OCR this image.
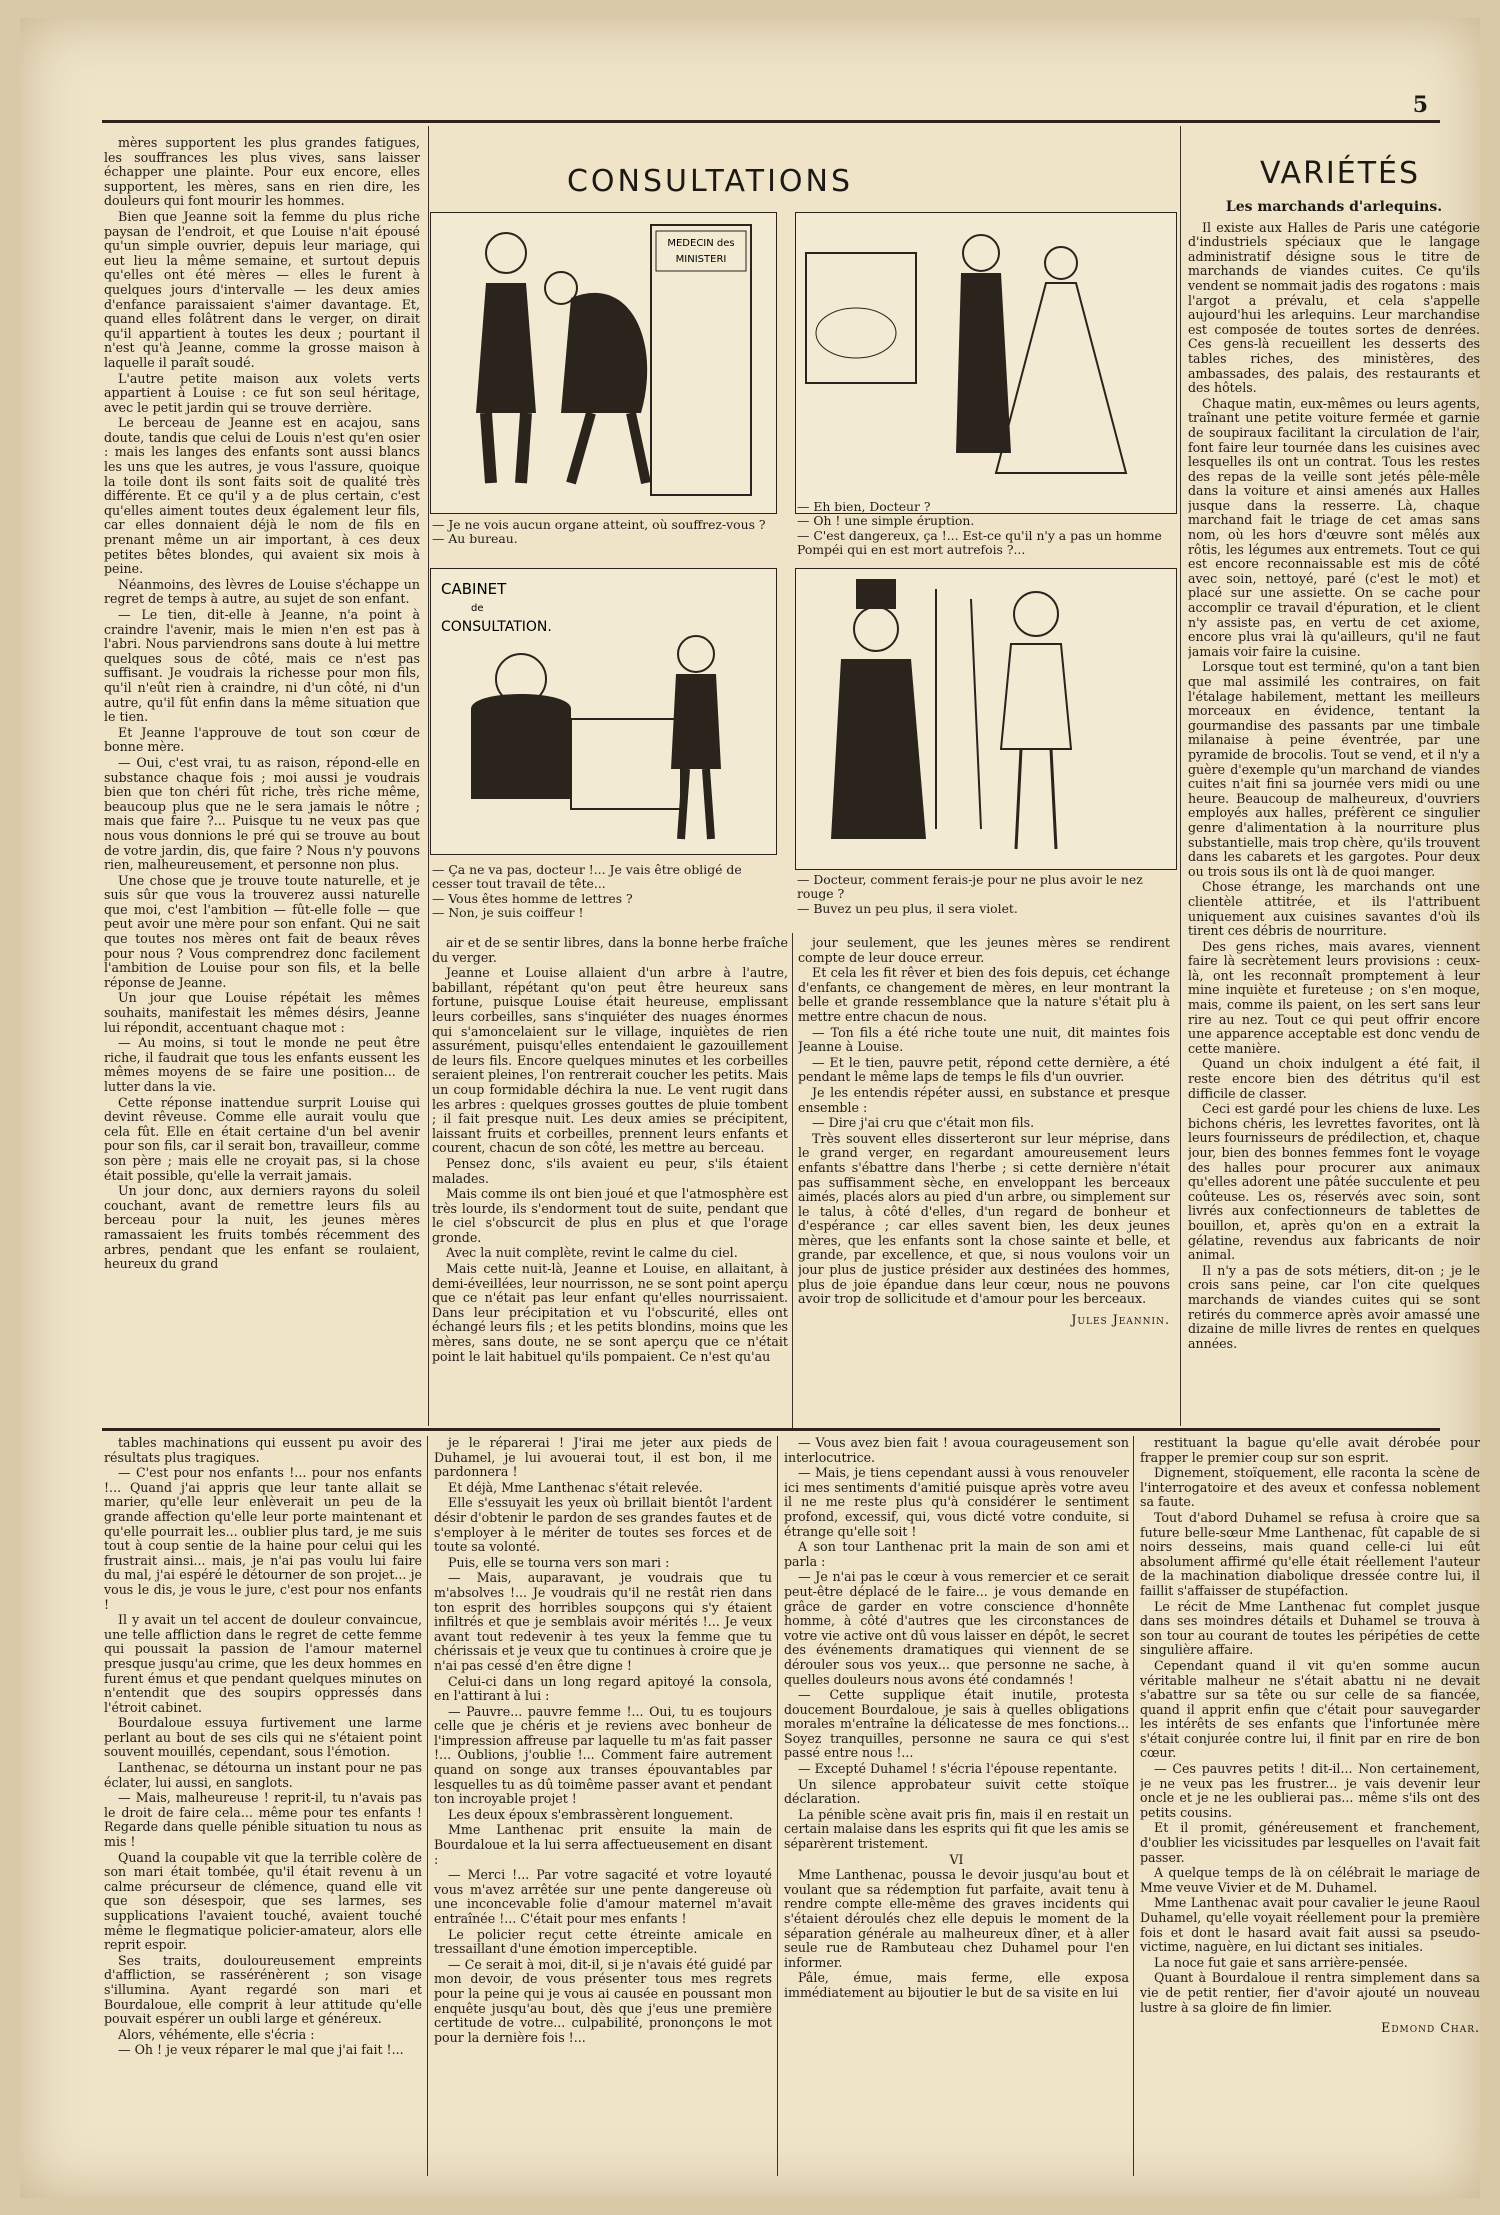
5

mères supportent les plus grandes fatigues, les souffrances les plus vives, sans laisser échapper une plainte. Pour eux encore, elles supportent, les mères, sans en rien dire, les douleurs qui font mourir les hommes.

Bien que Jeanne soit la femme du plus riche paysan de l'endroit, et que Louise n'ait épousé qu'un simple ouvrier, depuis leur mariage, qui eut lieu la même semaine, et surtout depuis qu'elles ont été mères — elles le furent à quelques jours d'intervalle — les deux amies d'enfance paraissaient s'aimer davantage. Et, quand elles folâtrent dans le verger, on dirait qu'il appartient à toutes les deux ; pourtant il n'est qu'à Jeanne, comme la grosse maison à laquelle il paraît soudé.

L'autre petite maison aux volets verts appartient à Louise : ce fut son seul héritage, avec le petit jardin qui se trouve derrière.

Le berceau de Jeanne est en acajou, sans doute, tandis que celui de Louis n'est qu'en osier : mais les langes des enfants sont aussi blancs les uns que les autres, je vous l'assure, quoique la toile dont ils sont faits soit de qualité très différente. Et ce qu'il y a de plus certain, c'est qu'elles aiment toutes deux également leur fils, car elles donnaient déjà le nom de fils en prenant même un air important, à ces deux petites bêtes blondes, qui avaient six mois à peine.

Néanmoins, des lèvres de Louise s'échappe un regret de temps à autre, au sujet de son enfant.

— Le tien, dit-elle à Jeanne, n'a point à craindre l'avenir, mais le mien n'en est pas à l'abri. Nous parviendrons sans doute à lui mettre quelques sous de côté, mais ce n'est pas suffisant. Je voudrais la richesse pour mon fils, qu'il n'eût rien à craindre, ni d'un côté, ni d'un autre, qu'il fût enfin dans la même situation que le tien.

Et Jeanne l'approuve de tout son cœur de bonne mère.

— Oui, c'est vrai, tu as raison, répond-elle en substance chaque fois ; moi aussi je voudrais bien que ton chéri fût riche, très riche même, beaucoup plus que ne le sera jamais le nôtre ; mais que faire ?... Puisque tu ne veux pas que nous vous donnions le pré qui se trouve au bout de votre jardin, dis, que faire ? Nous n'y pouvons rien, malheureusement, et personne non plus.

Une chose que je trouve toute naturelle, et je suis sûr que vous la trouverez aussi naturelle que moi, c'est l'ambition — fût-elle folle — que peut avoir une mère pour son enfant. Qui ne sait que toutes nos mères ont fait de beaux rêves pour nous ? Vous comprendrez donc facilement l'ambition de Louise pour son fils, et la belle réponse de Jeanne.

Un jour que Louise répétait les mêmes souhaits, manifestait les mêmes désirs, Jeanne lui répondit, accentuant chaque mot :

— Au moins, si tout le monde ne peut être riche, il faudrait que tous les enfants eussent les mêmes moyens de se faire une position... de lutter dans la vie.

Cette réponse inattendue surprit Louise qui devint rêveuse. Comme elle aurait voulu que cela fût. Elle en était certaine d'un bel avenir pour son fils, car il serait bon, travailleur, comme son père ; mais elle ne croyait pas, si la chose était possible, qu'elle la verrait jamais.

Un jour donc, aux derniers rayons du soleil couchant, avant de remettre leurs fils au berceau pour la nuit, les jeunes mères ramassaient les fruits tombés récemment des arbres, pendant que les enfant se roulaient, heureux du grand

CONSULTATIONS
MEDECIN des
MINISTERI
— Je ne vois aucun organe atteint, où souffrez-vous ?
— Au bureau.
— Eh bien, Docteur ?
— Oh ! une simple éruption.
— C'est dangereux, ça !... Est-ce qu'il n'y a pas un homme Pompéi qui en est mort autrefois ?...
CABINET
de
CONSULTATION.
— Ça ne va pas, docteur !... Je vais être obligé de cesser tout travail de tête...
— Vous êtes homme de lettres ?
— Non, je suis coiffeur !
— Docteur, comment ferais-je pour ne plus avoir le nez rouge ?
— Buvez un peu plus, il sera violet.

air et de se sentir libres, dans la bonne herbe fraîche du verger.

Jeanne et Louise allaient d'un arbre à l'autre, babillant, répétant qu'on peut être heureux sans fortune, puisque Louise était heureuse, emplissant leurs corbeilles, sans s'inquiéter des nuages énormes qui s'amoncelaient sur le village, inquiètes de rien assurément, puisqu'elles entendaient le gazouillement de leurs fils. Encore quelques minutes et les corbeilles seraient pleines, l'on rentrerait coucher les petits. Mais un coup formidable déchira la nue. Le vent rugit dans les arbres : quelques grosses gouttes de pluie tombent ; il fait presque nuit. Les deux amies se précipitent, laissant fruits et corbeilles, prennent leurs enfants et courent, chacun de son côté, les mettre au berceau.

Pensez donc, s'ils avaient eu peur, s'ils étaient malades.

Mais comme ils ont bien joué et que l'atmosphère est très lourde, ils s'endorment tout de suite, pendant que le ciel s'obscurcit de plus en plus et que l'orage gronde.

Avec la nuit complète, revint le calme du ciel.

Mais cette nuit-là, Jeanne et Louise, en allaitant, à demi-éveillées, leur nourrisson, ne se sont point aperçu que ce n'était pas leur enfant qu'elles nourrissaient. Dans leur précipitation et vu l'obscurité, elles ont échangé leurs fils ; et les petits blondins, moins que les mères, sans doute, ne se sont aperçu que ce n'était point le lait habituel qu'ils pompaient. Ce n'est qu'au

jour seulement, que les jeunes mères se rendirent compte de leur douce erreur.

Et cela les fit rêver et bien des fois depuis, cet échange d'enfants, ce changement de mères, en leur montrant la belle et grande ressemblance que la nature s'était plu à mettre entre chacun de nous.

— Ton fils a été riche toute une nuit, dit maintes fois Jeanne à Louise.

— Et le tien, pauvre petit, répond cette dernière, a été pendant le même laps de temps le fils d'un ouvrier.

Je les entendis répéter aussi, en substance et presque ensemble :

— Dire j'ai cru que c'était mon fils.

Très souvent elles disserteront sur leur méprise, dans le grand verger, en regardant amoureusement leurs enfants s'ébattre dans l'herbe ; si cette dernière n'était pas suffisamment sèche, en enveloppant les berceaux aimés, placés alors au pied d'un arbre, ou simplement sur le talus, à côté d'elles, d'un regard de bonheur et d'espérance ; car elles savent bien, les deux jeunes mères, que les enfants sont la chose sainte et belle, et grande, par excellence, et que, si nous voulons voir un jour plus de justice présider aux destinées des hommes, plus de joie épandue dans leur cœur, nous ne pouvons avoir trop de sollicitude et d'amour pour les berceaux.

Jules Jeannin.
VARIÉTÉS
Les marchands d'arlequins.

Il existe aux Halles de Paris une catégorie d'industriels spéciaux que le langage administratif désigne sous le titre de marchands de viandes cuites. Ce qu'ils vendent se nommait jadis des rogatons : mais l'argot a prévalu, et cela s'appelle aujourd'hui les arlequins. Leur marchandise est composée de toutes sortes de denrées. Ces gens-là recueillent les desserts des tables riches, des ministères, des ambassades, des palais, des restaurants et des hôtels.

Chaque matin, eux-mêmes ou leurs agents, traînant une petite voiture fermée et garnie de soupiraux facilitant la circulation de l'air, font faire leur tournée dans les cuisines avec lesquelles ils ont un contrat. Tous les restes des repas de la veille sont jetés pêle-mêle dans la voiture et ainsi amenés aux Halles jusque dans la resserre. Là, chaque marchand fait le triage de cet amas sans nom, où les hors d'œuvre sont mêlés aux rôtis, les légumes aux entremets. Tout ce qui est encore reconnaissable est mis de côté avec soin, nettoyé, paré (c'est le mot) et placé sur une assiette. On se cache pour accomplir ce travail d'épuration, et le client n'y assiste pas, en vertu de cet axiome, encore plus vrai là qu'ailleurs, qu'il ne faut jamais voir faire la cuisine.

Lorsque tout est terminé, qu'on a tant bien que mal assimilé les contraires, on fait l'étalage habilement, mettant les meilleurs morceaux en évidence, tentant la gourmandise des passants par une timbale milanaise à peine éventrée, par une pyramide de brocolis. Tout se vend, et il n'y a guère d'exemple qu'un marchand de viandes cuites n'ait fini sa journée vers midi ou une heure. Beaucoup de malheureux, d'ouvriers employés aux halles, préfèrent ce singulier genre d'alimentation à la nourriture plus substantielle, mais trop chère, qu'ils trouvent dans les cabarets et les gargotes. Pour deux ou trois sous ils ont là de quoi manger.

Chose étrange, les marchands ont une clientèle attitrée, et ils l'attribuent uniquement aux cuisines savantes d'où ils tirent ces débris de nourriture.

Des gens riches, mais avares, viennent faire là secrètement leurs provisions : ceux-là, ont les reconnaît promptement à leur mine inquiète et fureteuse ; on s'en moque, mais, comme ils paient, on les sert sans leur rire au nez. Tout ce qui peut offrir encore une apparence acceptable est donc vendu de cette manière.

Quand un choix indulgent a été fait, il reste encore bien des détritus qu'il est difficile de classer.

Ceci est gardé pour les chiens de luxe. Les bichons chéris, les levrettes favorites, ont là leurs fournisseurs de prédilection, et, chaque jour, bien des bonnes femmes font le voyage des halles pour procurer aux animaux qu'elles adorent une pâtée succulente et peu coûteuse. Les os, réservés avec soin, sont livrés aux confectionneurs de tablettes de bouillon, et, après qu'on en a extrait la gélatine, revendus aux fabricants de noir animal.

Il n'y a pas de sots métiers, dit-on ; je le crois sans peine, car l'on cite quelques marchands de viandes cuites qui se sont retirés du commerce après avoir amassé une dizaine de mille livres de rentes en quelques années.

tables machinations qui eussent pu avoir des résultats plus tragiques.

— C'est pour nos enfants !... pour nos enfants !... Quand j'ai appris que leur tante allait se marier, qu'elle leur enlèverait un peu de la grande affection qu'elle leur porte maintenant et qu'elle pourrait les... oublier plus tard, je me suis tout à coup sentie de la haine pour celui qui les frustrait ainsi... mais, je n'ai pas voulu lui faire du mal, j'ai espéré le détourner de son projet... je vous le dis, je vous le jure, c'est pour nos enfants !

Il y avait un tel accent de douleur convaincue, une telle affliction dans le regret de cette femme qui poussait la passion de l'amour maternel presque jusqu'au crime, que les deux hommes en furent émus et que pendant quelques minutes on n'entendit que des soupirs oppressés dans l'étroit cabinet.

Bourdaloue essuya furtivement une larme perlant au bout de ses cils qui ne s'étaient point souvent mouillés, cependant, sous l'émotion.

Lanthenac, se détourna un instant pour ne pas éclater, lui aussi, en sanglots.

— Mais, malheureuse ! reprit-il, tu n'avais pas le droit de faire cela... même pour tes enfants ! Regarde dans quelle pénible situation tu nous as mis !

Quand la coupable vit que la terrible colère de son mari était tombée, qu'il était revenu à un calme précurseur de clémence, quand elle vit que son désespoir, que ses larmes, ses supplications l'avaient touché, avaient touché même le flegmatique policier-amateur, alors elle reprit espoir.

Ses traits, douloureusement empreints d'affliction, se rassérénèrent ; son visage s'illumina. Ayant regardé son mari et Bourdaloue, elle comprit à leur attitude qu'elle pouvait espérer un oubli large et généreux.

Alors, véhémente, elle s'écria :

— Oh ! je veux réparer le mal que j'ai fait !...

je le réparerai ! J'irai me jeter aux pieds de Duhamel, je lui avouerai tout, il est bon, il me pardonnera !

Et déjà, Mme Lanthenac s'était relevée.

Elle s'essuyait les yeux où brillait bientôt l'ardent désir d'obtenir le pardon de ses grandes fautes et de s'employer à le mériter de toutes ses forces et de toute sa volonté.

Puis, elle se tourna vers son mari :

— Mais, auparavant, je voudrais que tu m'absolves !... Je voudrais qu'il ne restât rien dans ton esprit des horribles soupçons qui s'y étaient infiltrés et que je semblais avoir mérités !... Je veux avant tout redevenir à tes yeux la femme que tu chérissais et je veux que tu continues à croire que je n'ai pas cessé d'en être digne !

Celui-ci dans un long regard apitoyé la consola, en l'attirant à lui :

— Pauvre... pauvre femme !... Oui, tu es toujours celle que je chéris et je reviens avec bonheur de l'impression affreuse par laquelle tu m'as fait passer !... Oublions, j'oublie !... Comment faire autrement quand on songe aux transes épouvantables par lesquelles tu as dû toimême passer avant et pendant ton incroyable projet !

Les deux époux s'embrassèrent longuement.

Mme Lanthenac prit ensuite la main de Bourdaloue et la lui serra affectueusement en disant :

— Merci !... Par votre sagacité et votre loyauté vous m'avez arrêtée sur une pente dangereuse où une inconcevable folie d'amour maternel m'avait entraînée !... C'était pour mes enfants !

Le policier reçut cette étreinte amicale en tressaillant d'une émotion imperceptible.

— Ce serait à moi, dit-il, si je n'avais été guidé par mon devoir, de vous présenter tous mes regrets pour la peine qui je vous ai causée en poussant mon enquête jusqu'au bout, dès que j'eus une première certitude de votre... culpabilité, prononçons le mot pour la dernière fois !...

— Vous avez bien fait ! avoua courageusement son interlocutrice.

— Mais, je tiens cependant aussi à vous renouveler ici mes sentiments d'amitié puisque après votre aveu il ne me reste plus qu'à considérer le sentiment profond, excessif, qui, vous dicté votre conduite, si étrange qu'elle soit !

A son tour Lanthenac prit la main de son ami et parla :

— Je n'ai pas le cœur à vous remercier et ce serait peut-être déplacé de le faire... je vous demande en grâce de garder en votre conscience d'honnête homme, à côté d'autres que les circonstances de votre vie active ont dû vous laisser en dépôt, le secret des événements dramatiques qui viennent de se dérouler sous vos yeux... que personne ne sache, à quelles douleurs nous avons été condamnés !

— Cette supplique était inutile, protesta doucement Bourdaloue, je sais à quelles obligations morales m'entraîne la délicatesse de mes fonctions... Soyez tranquilles, personne ne saura ce qui s'est passé entre nous !...

— Excepté Duhamel ! s'écria l'épouse repentante.

Un silence approbateur suivit cette stoïque déclaration.

La pénible scène avait pris fin, mais il en restait un certain malaise dans les esprits qui fit que les amis se séparèrent tristement.

VI

Mme Lanthenac, poussa le devoir jusqu'au bout et voulant que sa rédemption fut parfaite, avait tenu à rendre compte elle-même des graves incidents qui s'étaient déroulés chez elle depuis le moment de la séparation générale au malheureux dîner, et à aller seule rue de Rambuteau chez Duhamel pour l'en informer.

Pâle, émue, mais ferme, elle exposa immédiatement au bijoutier le but de sa visite en lui

restituant la bague qu'elle avait dérobée pour frapper le premier coup sur son esprit.

Dignement, stoïquement, elle raconta la scène de l'interrogatoire et des aveux et confessa noblement sa faute.

Tout d'abord Duhamel se refusa à croire que sa future belle-sœur Mme Lanthenac, fût capable de si noirs desseins, mais quand celle-ci lui eût absolument affirmé qu'elle était réellement l'auteur de la machination diabolique dressée contre lui, il faillit s'affaisser de stupéfaction.

Le récit de Mme Lanthenac fut complet jusque dans ses moindres détails et Duhamel se trouva à son tour au courant de toutes les péripéties de cette singulière affaire.

Cependant quand il vit qu'en somme aucun véritable malheur ne s'était abattu ni ne devait s'abattre sur sa tête ou sur celle de sa fiancée, quand il apprit enfin que c'était pour sauvegarder les intérêts de ses enfants que l'infortunée mère s'était conjurée contre lui, il finit par en rire de bon cœur.

— Ces pauvres petits ! dit-il... Non certainement, je ne veux pas les frustrer... je vais devenir leur oncle et je ne les oublierai pas... même s'ils ont des petits cousins.

Et il promit, généreusement et franchement, d'oublier les vicissitudes par lesquelles on l'avait fait passer.

A quelque temps de là on célébrait le mariage de Mme veuve Vivier et de M. Duhamel.

Mme Lanthenac avait pour cavalier le jeune Raoul Duhamel, qu'elle voyait réellement pour la première fois et dont le hasard avait fait aussi sa pseudo-victime, naguère, en lui dictant ses initiales.

La noce fut gaie et sans arrière-pensée.

Quant à Bourdaloue il rentra simplement dans sa vie de petit rentier, fier d'avoir ajouté un nouveau lustre à sa gloire de fin limier.

Edmond Char.
